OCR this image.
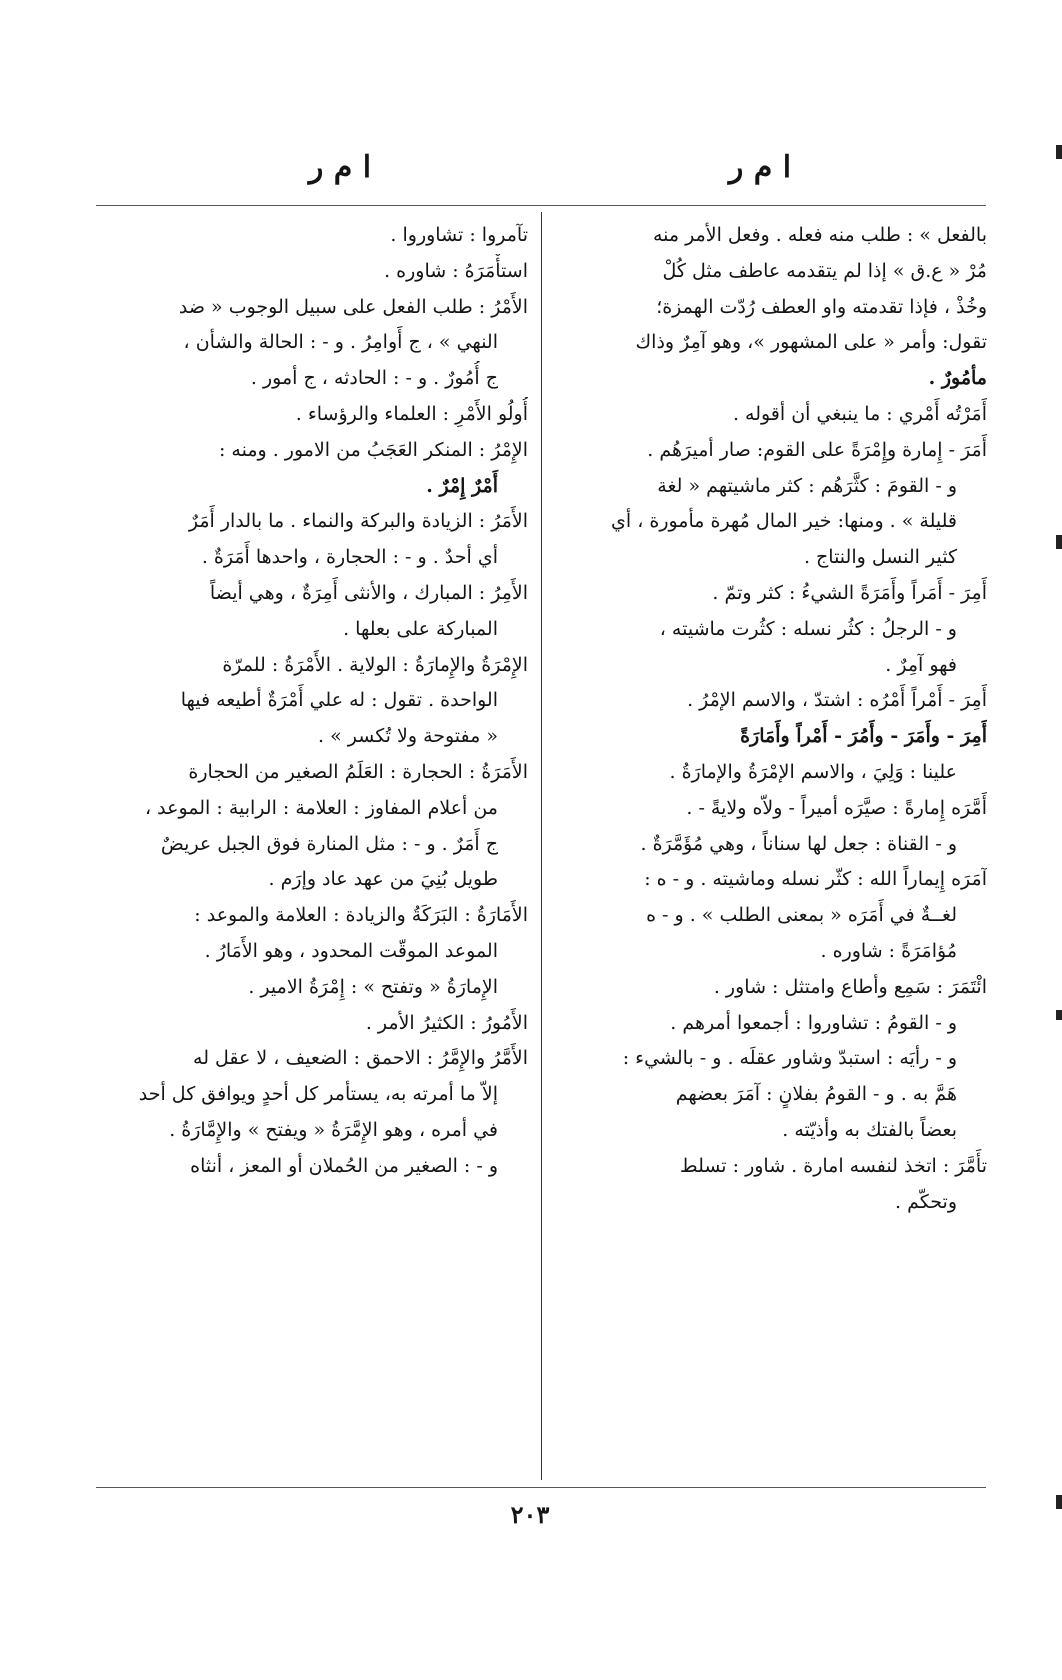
ا م ر
ا م ر
بالفعل » : طلب منه فعله . وفعل الأمر منه
مُرْ « ع.ق » إذا لم يتقدمه عاطف مثل كُلْ
وخُذْ ، فإذا تقدمته واو العطف رُدّت الهمزة؛
تقول: وأمر « على المشهور »، وهو آمِرٌ وذاك
مأمُورٌ .
أَمَرْتُه أَمْري : ما ينبغي أن أقوله .
أَمَرَ - إِمارة وإِمْرَةً على القوم: صار أميرَهُم .
و - القومَ : كثَّرَهُم : كثر ماشيتهم « لغة
قليلة » . ومنها: خير المال مُهرة مأمورة ، أي
كثير النسل والنتاج .
أَمِرَ - أَمَراً وأَمَرَةً الشيءُ : كثر وتمّ .
و - الرجلُ : كثُر نسله : كثُرت ماشيته ،
فهو آمِرٌ .
أَمِرَ - أَمْراً أَمْرُه : اشتدّ ، والاسم الإمْرُ .
أَمِرَ - وأَمَرَ - وأَمُرَ - أَمْراً وأَمَارَةً
علينا : وَلِيَ ، والاسم الإمْرَةُ والإمارَةُ .
أَمَّرَه إِمارةً : صيَّرَه أميراً - ولاّه ولايةً - .
و - القناة : جعل لها سناناً ، وهي مُؤَمَّرَةٌ .
آمَرَه إِيماراً الله : كثّر نسله وماشيته . و - ه :
لغــةٌ في أَمَرَه « بمعنى الطلب » . و - ه
مُؤامَرَةً : شاوره .
ائْتَمَرَ : سَمِع وأطاع وامتثل : شاور .
و - القومُ : تشاوروا : أجمعوا أمرهم .
و - رأيَه : استبدّ وشاور عقلَه . و - بالشيء :
هَمَّ به . و - القومُ بفلانٍ : آمَرَ بعضهم
بعضاً بالفتك به وأذيّته .
تأَمَّرَ : اتخذ لنفسه امارة . شاور : تسلط
وتحكّم .
تآمروا : تشاوروا .
استأْمَرَهُ : شاوره .
الأَمْرُ : طلب الفعل على سبيل الوجوب « ضد
النهي » ، ج أَوامِرُ . و - : الحالة والشأن ،
ج أُمُورٌ . و - : الحادثه ، ج أمور .
أُولُو الأَمْرِ : العلماء والرؤساء .
الإِمْرُ : المنكر العَجَبُ من الامور . ومنه :
أَمْرٌ إِمْرٌ .
الأَمَرُ : الزيادة والبركة والنماء . ما بالدار أَمَرٌ
أي أحدٌ . و - : الحجارة ، واحدها أَمَرَةٌ .
الأَمِرُ : المبارك ، والأنثى أَمِرَةٌ ، وهي أيضاً
المباركة على بعلها .
الإِمْرَةُ والإِمارَةُ : الولاية . الأَمْرَةُ : للمرّة
الواحدة . تقول : له علي أَمْرَةٌ أطيعه فيها
« مفتوحة ولا تُكسر » .
الأَمَرَةُ : الحجارة : العَلَمُ الصغير من الحجارة
من أعلام المفاوز : العلامة : الرابية : الموعد ،
ج أَمَرٌ . و - : مثل المنارة فوق الجبل عريضٌ
طويل بُنِيَ من عهد عاد وإرَم .
الأَمَارَةُ : البَرَكَةُ والزيادة : العلامة والموعد :
الموعد الموقّت المحدود ، وهو الأَمَارُ .
الإِمارَةُ « وتفتح » : إِمْرَةُ الامير .
الأَمُورُ : الكثيرُ الأمر .
الأَمَّرُ والإِمَّرُ : الاحمق : الضعيف ، لا عقل له
إلاّ ما أمرته به، يستأمر كل أحدٍ ويوافق كل أحد
في أمره ، وهو الإِمَّرَةُ « ويفتح » والإِمَّارَةُ .
و - : الصغير من الحُملان أو المعز ، أنثاه
٢٠٣
